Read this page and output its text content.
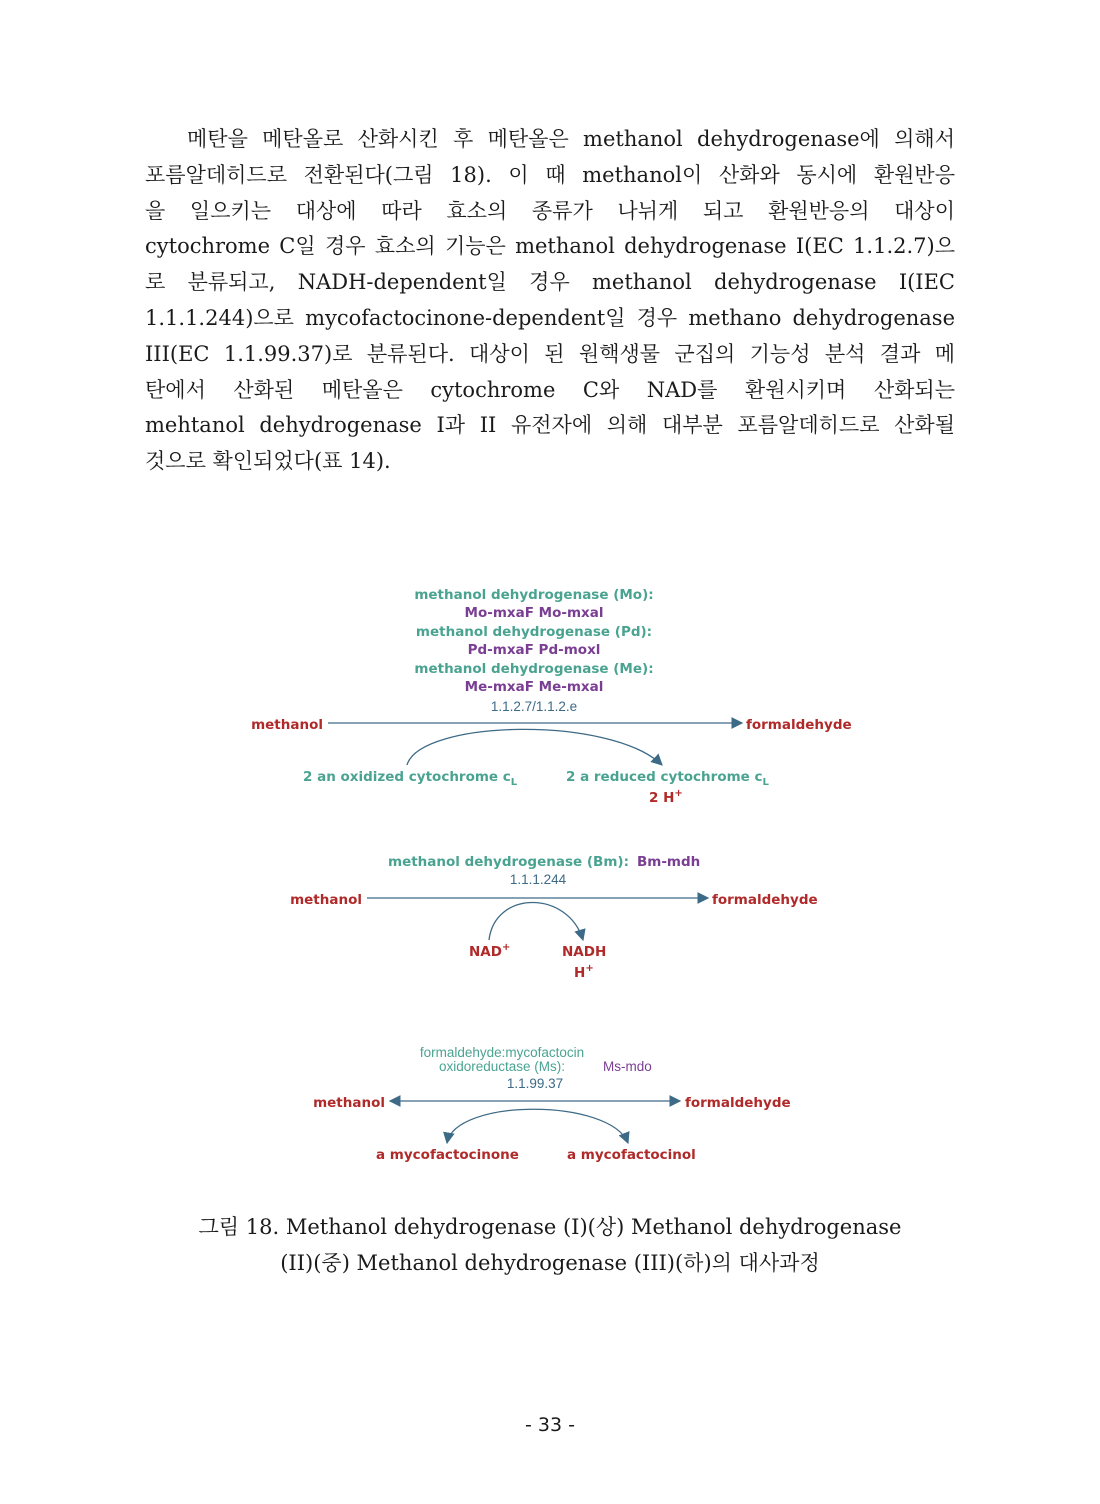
메탄을 메탄올로 산화시킨 후 메탄올은 methanol dehydrogenase에 의해서
포름알데히드로 전환된다(그림 18). 이 때 methanol이 산화와 동시에 환원반응
을 일으키는 대상에 따라 효소의 종류가 나뉘게 되고 환원반응의 대상이
cytochrome C일 경우 효소의 기능은 methanol dehydrogenase I(EC 1.1.2.7)으
로 분류되고, NADH-dependent일 경우 methanol dehydrogenase I(IEC
1.1.1.244)으로 mycofactocinone-dependent일 경우 methano dehydrogenase
III(EC 1.1.99.37)로 분류된다. 대상이 된 원핵생물 군집의 기능성 분석 결과 메
탄에서 산화된 메탄올은 cytochrome C와 NAD를 환원시키며 산화되는
mehtanol dehydrogenase I과 II 유전자에 의해 대부분 포름알데히드로 산화될
것으로 확인되었다(표 14).
methanol dehydrogenase (Mo):
Mo-mxaF Mo-mxal
methanol dehydrogenase (Pd):
Pd-mxaF Pd-moxl
methanol dehydrogenase (Me):
Me-mxaF Me-mxal
1.1.2.7/1.1.2.e
methanol	formaldehyde
2 an oxidized cytochrome $c_L$	2 a reduced cytochrome $c_L$
2 H+
methanol dehydrogenase (Bm): Bm-mdh
1.1.1.244
methanol	formaldehyde
NAD+	NADH
H+
formaldehyde:mycofactocin
oxidoreductase (Ms):	Ms-mdo
1.1.99.37
methanol	formaldehyde
a mycofactocinone	a mycofactocinol
그림 18. Methanol dehydrogenase (I)(상) Methanol dehydrogenase
(II)(중) Methanol dehydrogenase (III)(하)의 대사과정
- 33 -
